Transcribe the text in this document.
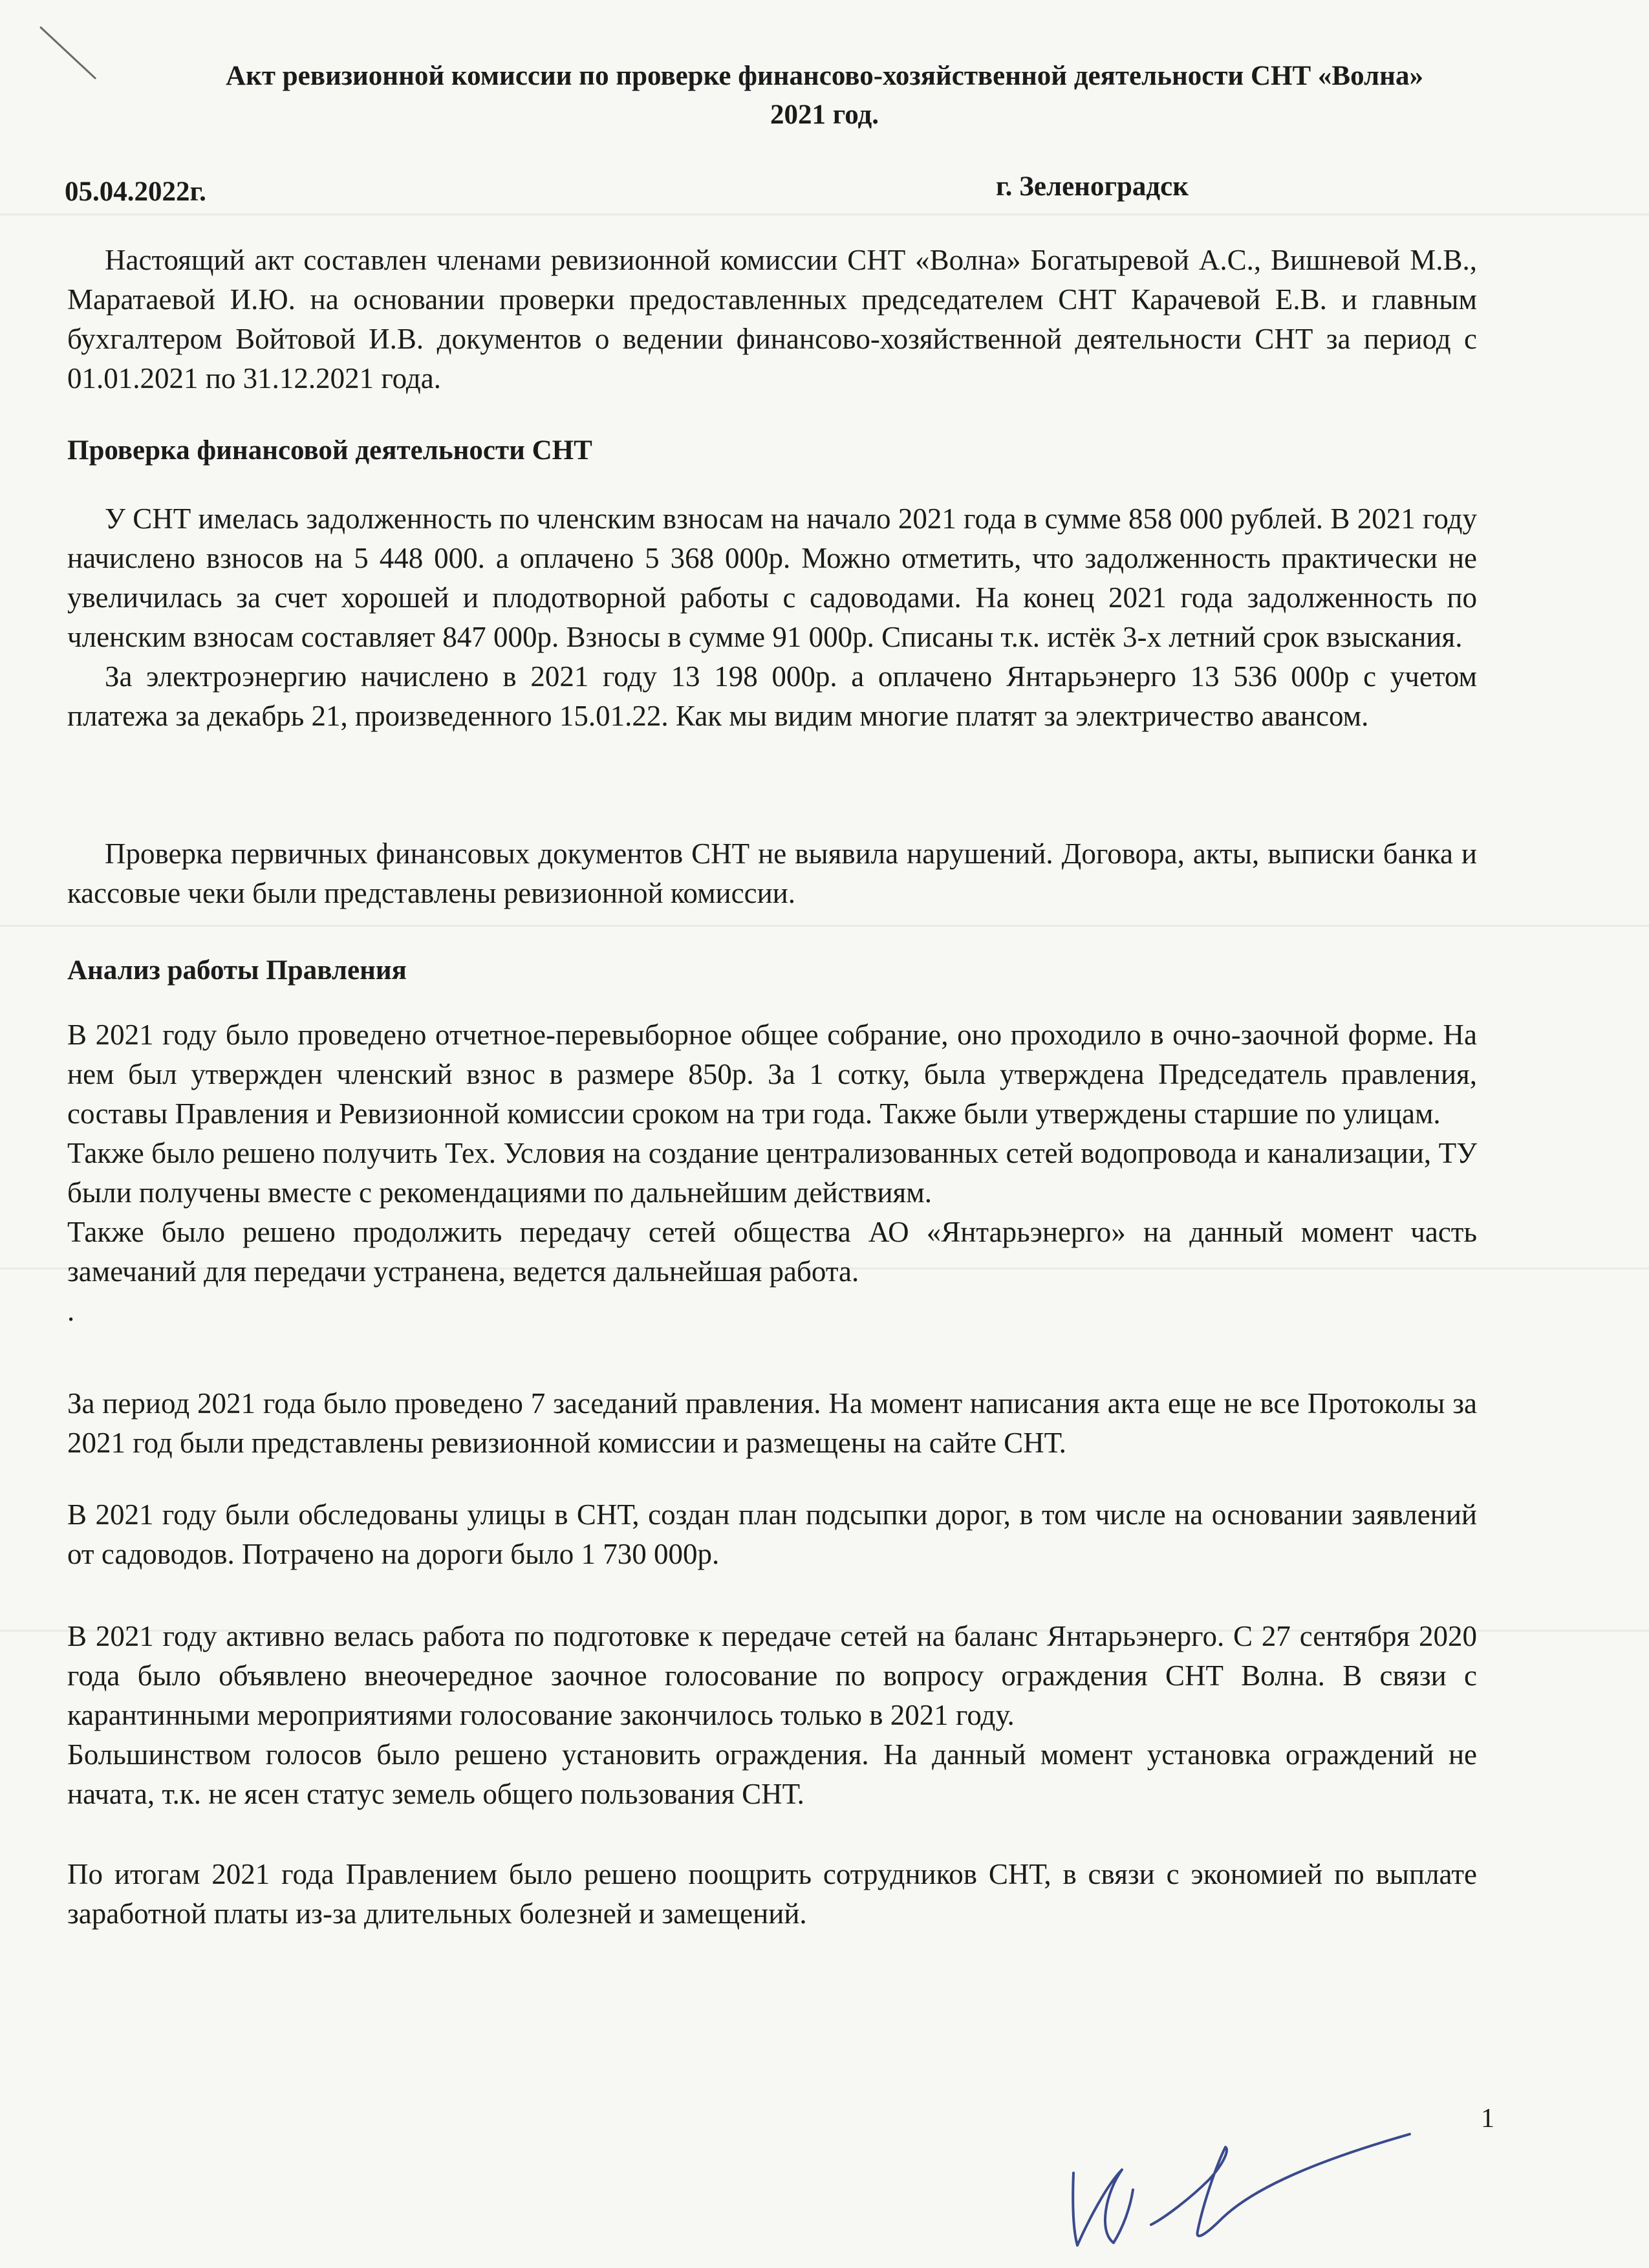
Акт ревизионной комиссии по проверке финансово-хозяйственной деятельности СНТ «Волна»
2021 год.
05.04.2022г.	г. Зеленоградск

Настоящий акт составлен членами ревизионной комиссии СНТ «Волна» Богатыревой А.С., Вишневой М.В., Маратаевой И.Ю. на основании проверки предоставленных председателем СНТ Карачевой Е.В. и главным бухгалтером Войтовой И.В. документов о ведении финансово-хозяйственной деятельности СНТ за период с 01.01.2021 по 31.12.2021 года.

Проверка финансовой деятельности СНТ

У СНТ имелась задолженность по членским взносам на начало 2021 года в сумме 858 000 рублей. В 2021 году начислено взносов на 5 448 000. а оплачено 5 368 000р. Можно отметить, что задолженность практически не увеличилась за счет хорошей и плодотворной работы с садоводами. На конец 2021 года задолженность по членским взносам составляет 847 000р. Взносы в сумме 91 000р. Списаны т.к. истёк 3-х летний срок взыскания.

За электроэнергию начислено в 2021 году 13 198 000р. а оплачено Янтарьэнерго 13 536 000р с учетом платежа за декабрь 21, произведенного 15.01.22. Как мы видим многие платят за электричество авансом.

Проверка первичных финансовых документов СНТ не выявила нарушений. Договора, акты, выписки банка и кассовые чеки были представлены ревизионной комиссии.

Анализ работы Правления

В 2021 году было проведено отчетное-перевыборное общее собрание, оно проходило в очно-заочной форме. На нем был утвержден членский взнос в размере 850р. За 1 сотку, была утверждена Председатель правления, составы Правления и Ревизионной комиссии сроком на три года. Также были утверждены старшие по улицам.

Также было решено получить Тех. Условия на создание централизованных сетей водопровода и канализации, ТУ были получены вместе с рекомендациями по дальнейшим действиям.

Также было решено продолжить передачу сетей общества АО «Янтарьэнерго» на данный момент часть замечаний для передачи устранена, ведется дальнейшая работа.

.

За период 2021 года было проведено 7 заседаний правления. На момент написания акта еще не все Протоколы за 2021 год были представлены ревизионной комиссии и размещены на сайте СНТ.

В 2021 году были обследованы улицы в СНТ, создан план подсыпки дорог, в том числе на основании заявлений от садоводов. Потрачено на дороги было 1 730 000р.

В 2021 году активно велась работа по подготовке к передаче сетей на баланс Янтарьэнерго. С 27 сентября 2020 года было объявлено внеочередное заочное голосование по вопросу ограждения СНТ Волна. В связи с карантинными мероприятиями голосование закончилось только в 2021 году.

Большинством голосов было решено установить ограждения. На данный момент установка ограждений не начата, т.к. не ясен статус земель общего пользования СНТ.

По итогам 2021 года Правлением было решено поощрить сотрудников СНТ, в связи с экономией по выплате заработной платы из-за длительных болезней и замещений.

1
